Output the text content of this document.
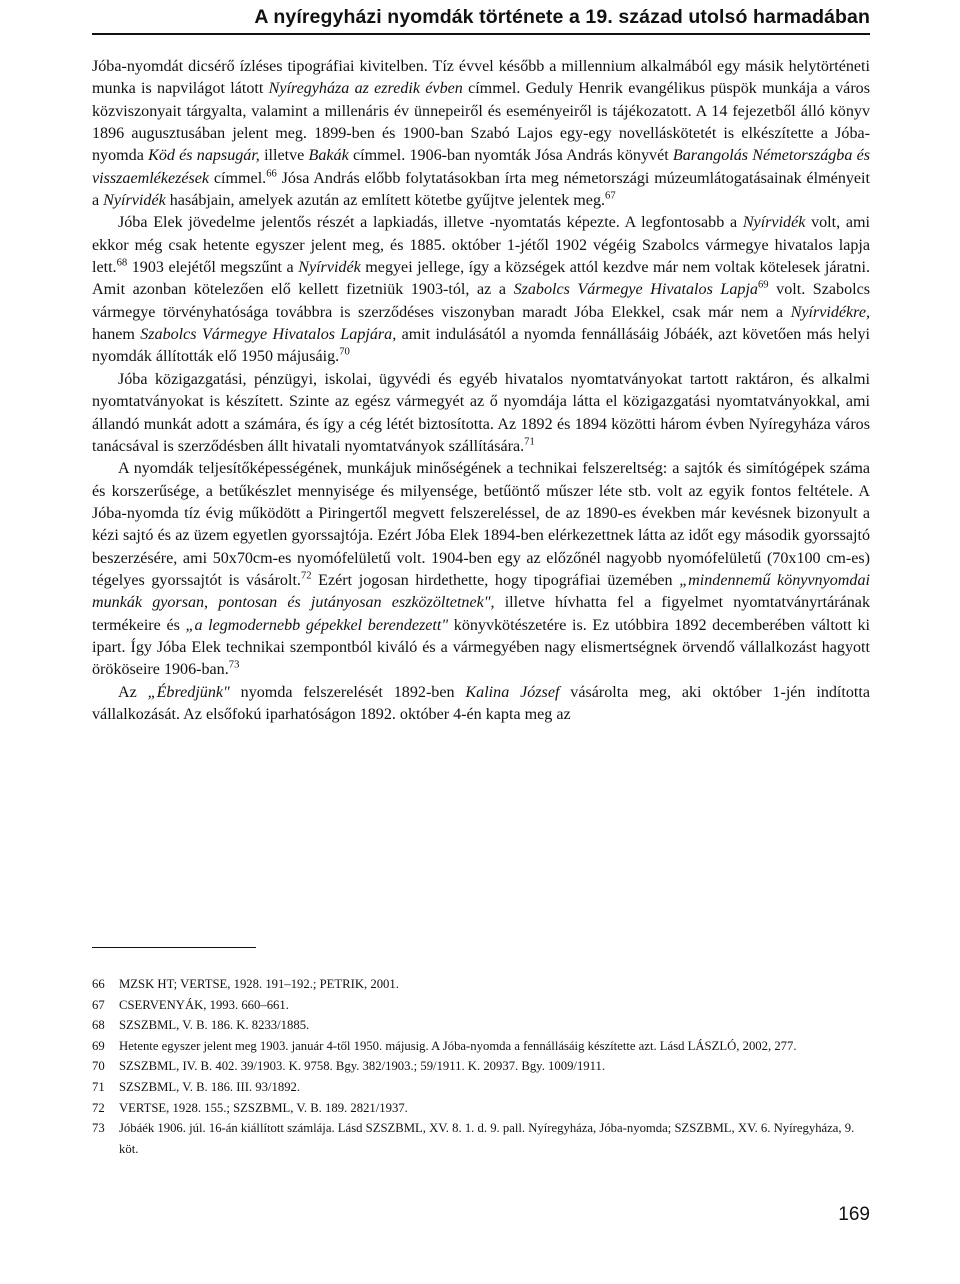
A nyíregyházi nyomdák története a 19. század utolsó harmadában

Jóba-nyomdát dicsérő ízléses tipográfiai kivitelben. Tíz évvel később a millennium alkalmából egy másik helytörténeti munka is napvilágot látott Nyíregyháza az ezredik évben címmel. Geduly Henrik evangélikus püspök munkája a város közviszonyait tárgyalta, valamint a millenáris év ünnepeiről és eseményeiről is tájékozatott. A 14 fejezetből álló könyv 1896 augusztusában jelent meg. 1899-ben és 1900-ban Szabó Lajos egy-egy novelláskötetét is elkészítette a Jóba-nyomda Köd és napsugár, illetve Bakák címmel. 1906-ban nyomták Jósa András könyvét Barangolás Németországba és visszaemlékezések címmel.$^{66}$ Jósa András előbb folytatásokban írta meg németországi múzeumlátogatásainak élményeit a Nyírvidék hasábjain, amelyek azután az említett kötetbe gyűjtve jelentek meg.$^{67}$

Jóba Elek jövedelme jelentős részét a lapkiadás, illetve -nyomtatás képezte. A legfontosabb a Nyírvidék volt, ami ekkor még csak hetente egyszer jelent meg, és 1885. október 1-jétől 1902 végéig Szabolcs vármegye hivatalos lapja lett.$^{68}$ 1903 elejétől megszűnt a Nyírvidék megyei jellege, így a községek attól kezdve már nem voltak kötelesek járatni. Amit azonban kötelezően elő kellett fizetniük 1903-tól, az a Szabolcs Vármegye Hivatalos Lapja$^{69}$ volt. Szabolcs vármegye törvényhatósága továbbra is szerződéses viszonyban maradt Jóba Elekkel, csak már nem a Nyírvidékre, hanem Szabolcs Vármegye Hivatalos Lapjára, amit indulásától a nyomda fennállásáig Jóbáék, azt követően más helyi nyomdák állították elő 1950 májusáig.$^{70}$

Jóba közigazgatási, pénzügyi, iskolai, ügyvédi és egyéb hivatalos nyomtatványokat tartott raktáron, és alkalmi nyomtatványokat is készített. Szinte az egész vármegyét az ő nyomdája látta el közigazgatási nyomtatványokkal, ami állandó munkát adott a számára, és így a cég létét biztosította. Az 1892 és 1894 közötti három évben Nyíregyháza város tanácsával is szerződésben állt hivatali nyomtatványok szállítására.$^{71}$

A nyomdák teljesítőképességének, munkájuk minőségének a technikai felszereltség: a sajtók és simítógépek száma és korszerűsége, a betűkészlet mennyisége és milyensége, betűöntő műszer léte stb. volt az egyik fontos feltétele. A Jóba-nyomda tíz évig működött a Piringertől megvett felszereléssel, de az 1890-es években már kevésnek bizonyult a kézi sajtó és az üzem egyetlen gyorssajtója. Ezért Jóba Elek 1894-ben elérkezettnek látta az időt egy második gyorssajtó beszerzésére, ami 50x70cm-es nyomófelületű volt. 1904-ben egy az előzőnél nagyobb nyomófelületű (70x100 cm-es) tégelyes gyorssajtót is vásárolt.$^{72}$ Ezért jogosan hirdethette, hogy tipográfiai üzemében „mindennemű könyvnyomdai munkák gyorsan, pontosan és jutányosan eszközöltetnek", illetve hívhatta fel a figyelmet nyomtatványrtárának termékeire és „a legmodernebb gépekkel berendezett" könyvkötészetére is. Ez utóbbira 1892 decemberében váltott ki ipart. Így Jóba Elek technikai szempontból kiváló és a vármegyében nagy elismertségnek örvendő vállalkozást hagyott örököseire 1906-ban.$^{73}$

Az „Ébredjünk" nyomda felszerelését 1892-ben Kalina József vásárolta meg, aki október 1-jén indította vállalkozását. Az elsőfokú iparhatóságon 1892. október 4-én kapta meg az

66	MZSK HT; VERTSE, 1928. 191–192.; PETRIK, 2001.
67	CSERVENYÁK, 1993. 660–661.
68	SZSZBML, V. B. 186. K. 8233/1885.
69	Hetente egyszer jelent meg 1903. január 4-től 1950. májusig. A Jóba-nyomda a fennállásáig készítette azt. Lásd LÁSZLÓ, 2002, 277.
70	SZSZBML, IV. B. 402. 39/1903. K. 9758. Bgy. 382/1903.; 59/1911. K. 20937. Bgy. 1009/1911.
71	SZSZBML, V. B. 186. III. 93/1892.
72	VERTSE, 1928. 155.; SZSZBML, V. B. 189. 2821/1937.
73	Jóbáék 1906. júl. 16-án kiállított számlája. Lásd SZSZBML, XV. 8. 1. d. 9. pall. Nyíregyháza, Jóba-nyomda; SZSZBML, XV. 6. Nyíregyháza, 9. köt.
169
